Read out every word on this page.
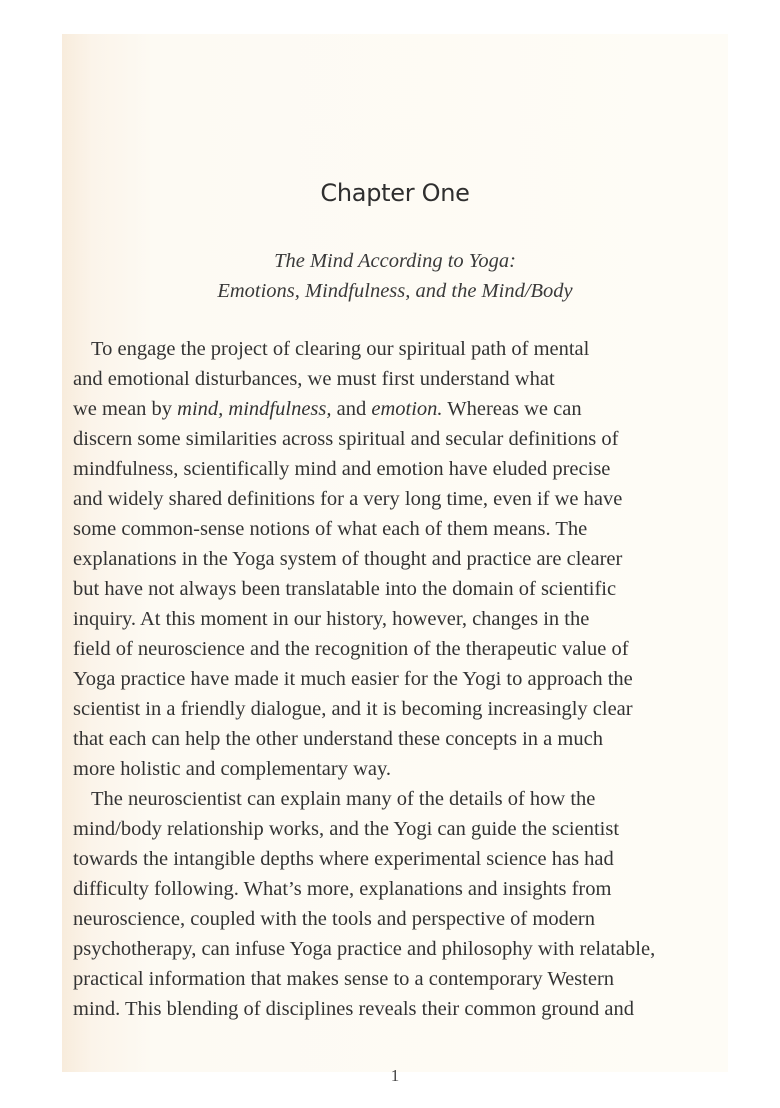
Chapter One
The Mind According to Yoga:
Emotions, Mindfulness, and the Mind/Body
To engage the project of clearing our spiritual path of mental
and emotional disturbances, we must first understand what
we mean by mind, mindfulness, and emotion. Whereas we can
discern some similarities across spiritual and secular definitions of
mindfulness, scientifically mind and emotion have eluded precise
and widely shared definitions for a very long time, even if we have
some common-sense notions of what each of them means. The
explanations in the Yoga system of thought and practice are clearer
but have not always been translatable into the domain of scientific
inquiry. At this moment in our history, however, changes in the
field of neuroscience and the recognition of the therapeutic value of
Yoga practice have made it much easier for the Yogi to approach the
scientist in a friendly dialogue, and it is becoming increasingly clear
that each can help the other understand these concepts in a much
more holistic and complementary way.
The neuroscientist can explain many of the details of how the
mind/body relationship works, and the Yogi can guide the scientist
towards the intangible depths where experimental science has had
difficulty following. What’s more, explanations and insights from
neuroscience, coupled with the tools and perspective of modern
psychotherapy, can infuse Yoga practice and philosophy with relatable,
practical information that makes sense to a contemporary Western
mind. This blending of disciplines reveals their common ground and
1
